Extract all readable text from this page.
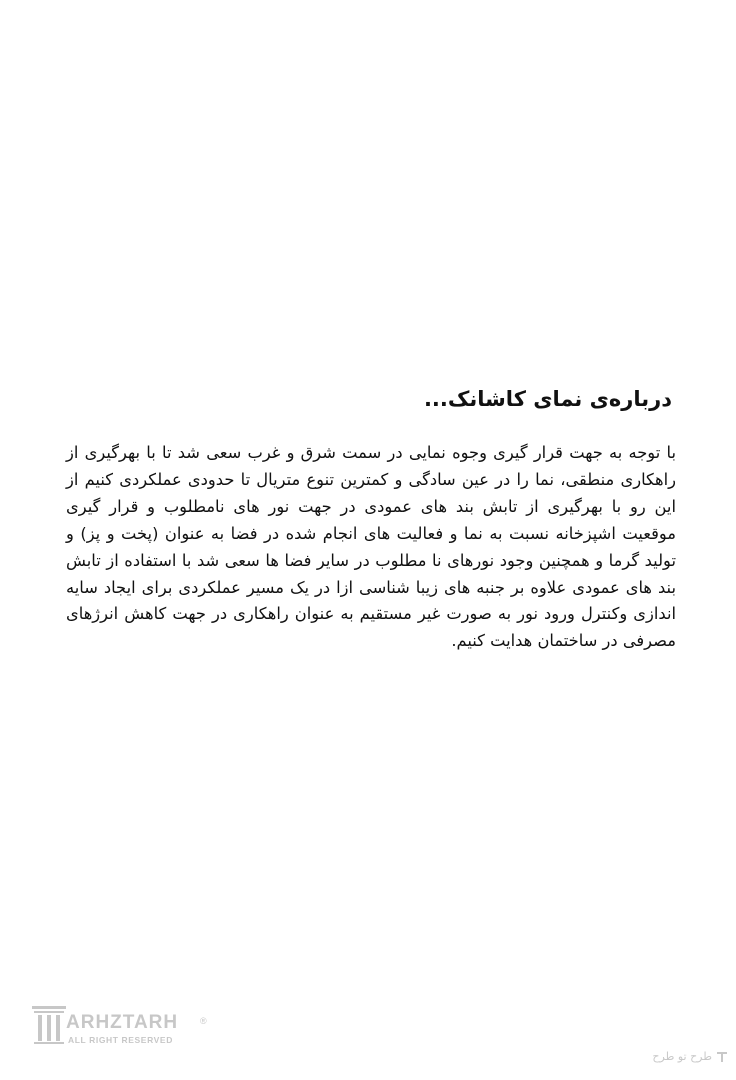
درباره‌ی نمای کاشانک...

با توجه به جهت قرار گیری وجوه نمایی در سمت شرق و غرب سعی شد تا با بهرگیری از راهکاری منطقی، نما را در عین سادگی و کمترین تنوع متریال تا حدودی عملکردی کنیم از این رو با بهرگیری از تابش بند های عمودی در جهت نور های نامطلوب و قرار گیری موقعیت اشپزخانه نسبت به نما و فعالیت های انجام شده در فضا به عنوان (پخت و پز) و تولید گرما و همچنین وجود نورهای نا مطلوب در سایر فضا ها سعی شد با استفاده از تابش بند های عمودی علاوه بر جنبه های زیبا شناسی ازا در یک مسیر عملکردی برای ایجاد سایه اندازی وکنترل ورود نور به صورت غیر مستقیم به عنوان راهکاری در جهت کاهش انرژهای مصرفی در ساختمان هدایت کنیم.

ARHZTARH
ALL RIGHT RESERVED
®
طرح تو طرح
